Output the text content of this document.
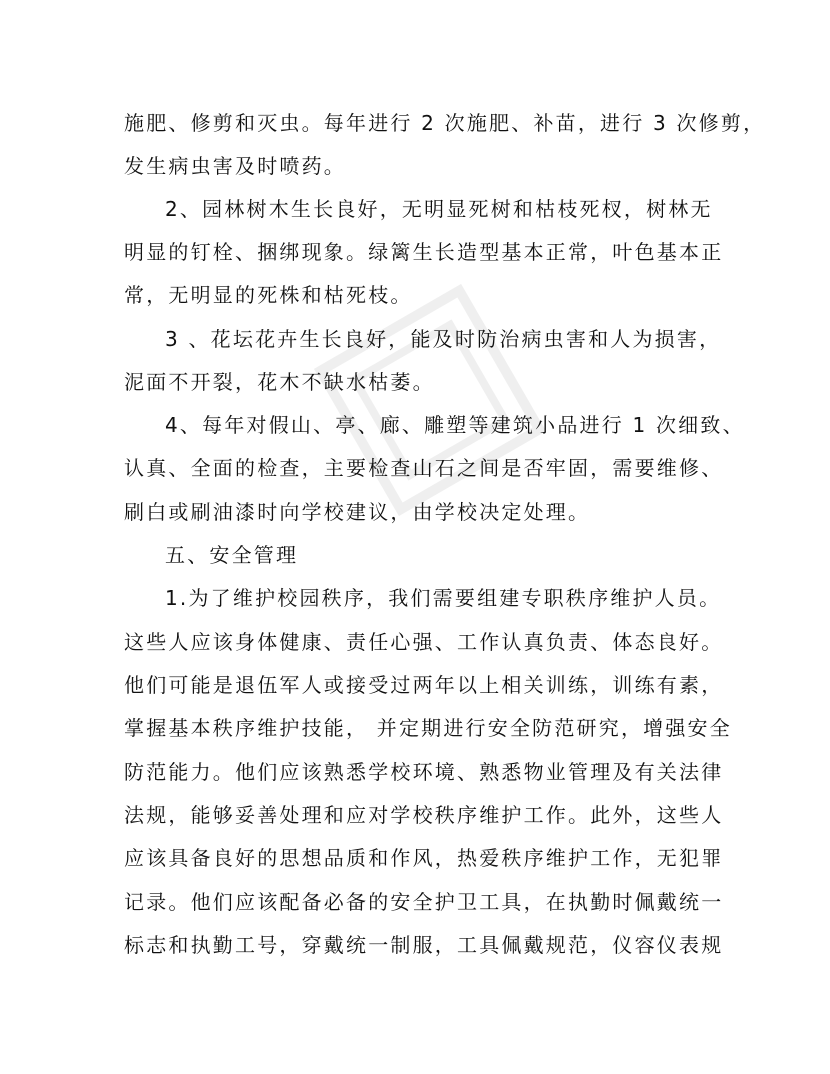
施肥、修剪和灭虫。每年进行 2 次施肥、补苗，进行 3 次修剪，
发生病虫害及时喷药。
2、园林树木生长良好，无明显死树和枯枝死杈，树林无
明显的钉栓、捆绑现象。绿篱生长造型基本正常，叶色基本正
常，无明显的死株和枯死枝。
3 、花坛花卉生长良好，能及时防治病虫害和人为损害，
泥面不开裂，花木不缺水枯萎。
4、每年对假山、亭、廊、雕塑等建筑小品进行 1 次细致、
认真、全面的检查，主要检查山石之间是否牢固，需要维修、
刷白或刷油漆时向学校建议，由学校决定处理。
五、安全管理
1.为了维护校园秩序，我们需要组建专职秩序维护人员。
这些人应该身体健康、责任心强、工作认真负责、体态良好。
他们可能是退伍军人或接受过两年以上相关训练，训练有素，
掌握基本秩序维护技能， 并定期进行安全防范研究，增强安全
防范能力。他们应该熟悉学校环境、熟悉物业管理及有关法律
法规，能够妥善处理和应对学校秩序维护工作。此外，这些人
应该具备良好的思想品质和作风，热爱秩序维护工作，无犯罪
记录。他们应该配备必备的安全护卫工具，在执勤时佩戴统一
标志和执勤工号，穿戴统一制服，工具佩戴规范，仪容仪表规
